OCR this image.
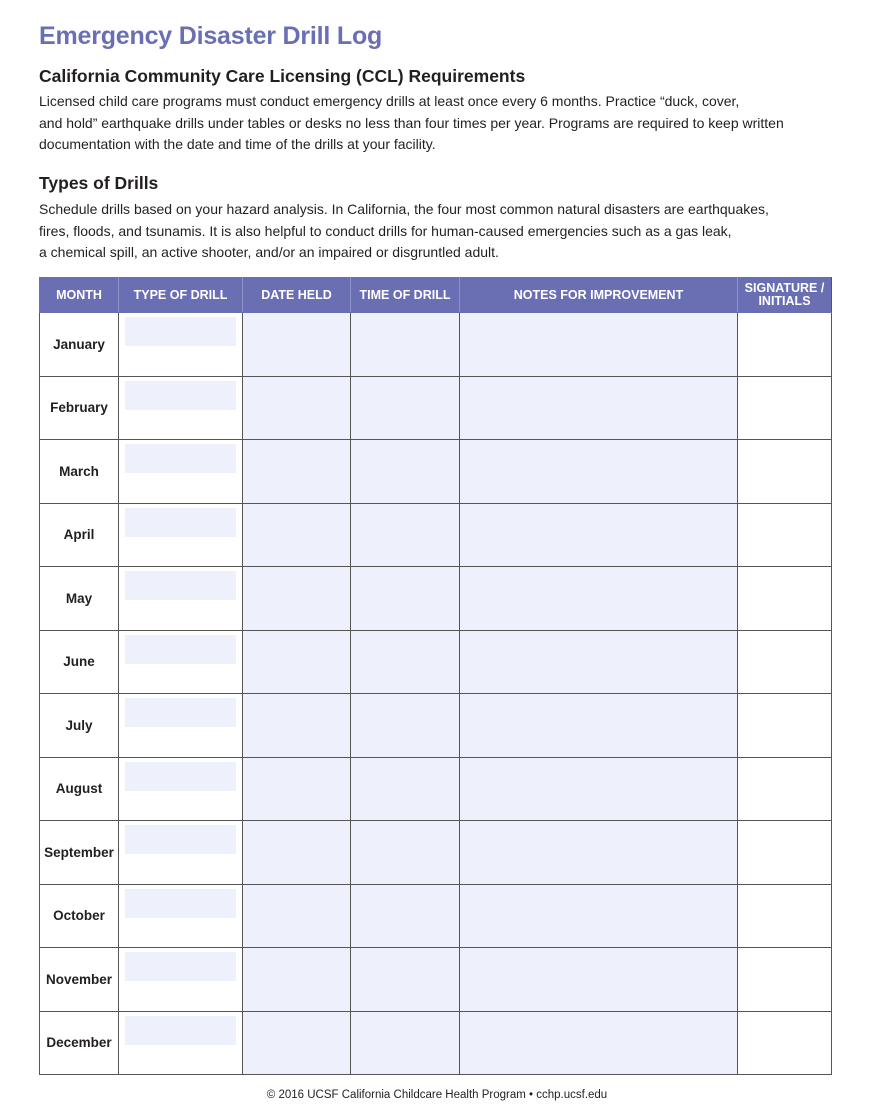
Emergency Disaster Drill Log
California Community Care Licensing (CCL) Requirements
Licensed child care programs must conduct emergency drills at least once every 6 months. Practice “duck, cover,
and hold” earthquake drills under tables or desks no less than four times per year. Programs are required to keep written
documentation with the date and time of the drills at your facility.
Types of Drills
Schedule drills based on your hazard analysis. In California, the four most common natural disasters are earthquakes,
fires, floods, and tsunamis. It is also helpful to conduct drills for human-caused emergencies such as a gas leak,
a chemical spill, an active shooter, and/or an impaired or disgruntled adult.
MONTH	TYPE OF DRILL	DATE HELD	TIME OF DRILL	NOTES FOR IMPROVEMENT	SIGNATURE / INITIALS
January	

February	

March	

April	

May	

June	

July	

August	

September	

October	

November	

December	

© 2016 UCSF California Childcare Health Program • cchp.ucsf.edu
